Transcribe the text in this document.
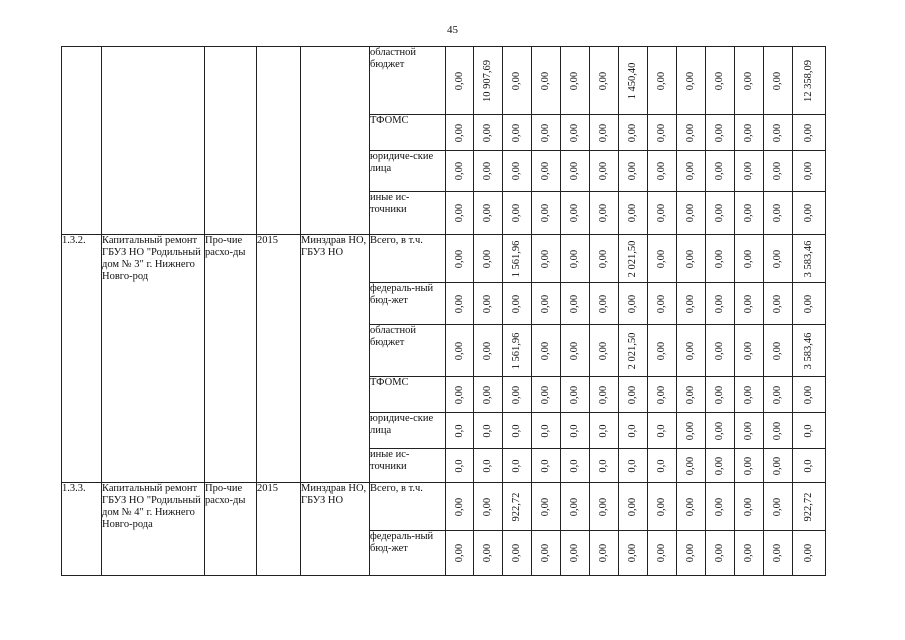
45
					областной бюджет	0,00	10 907,69	0,00	0,00	0,00	0,00	1 450,40	0,00	0,00	0,00	0,00	0,00	12 358,09

					ТФОМС	0,00	0,00	0,00	0,00	0,00	0,00	0,00	0,00	0,00	0,00	0,00	0,00	0,00

					юридиче-ские лица	0,00	0,00	0,00	0,00	0,00	0,00	0,00	0,00	0,00	0,00	0,00	0,00	0,00

					иные ис-точники	0,00	0,00	0,00	0,00	0,00	0,00	0,00	0,00	0,00	0,00	0,00	0,00	0,00

1.3.2.	Капитальный ремонт ГБУЗ НО "Родильный дом № 3" г. Нижнего Новго-род	Про-чие расхо-ды	2015	Минздрав НО, ГБУЗ НО	Всего, в т.ч.	0,00	0,00	1 561,96	0,00	0,00	0,00	2 021,50	0,00	0,00	0,00	0,00	0,00	3 583,46

					федераль-ный бюд-жет	0,00	0,00	0,00	0,00	0,00	0,00	0,00	0,00	0,00	0,00	0,00	0,00	0,00

					областной бюджет	0,00	0,00	1 561,96	0,00	0,00	0,00	2 021,50	0,00	0,00	0,00	0,00	0,00	3 583,46

					ТФОМС	0,00	0,00	0,00	0,00	0,00	0,00	0,00	0,00	0,00	0,00	0,00	0,00	0,00

					юридиче-ские лица	0,0	0,0	0,0	0,0	0,0	0,0	0,0	0,0	0,00	0,00	0,00	0,00	0,0

					иные ис-точники	0,0	0,0	0,0	0,0	0,0	0,0	0,0	0,0	0,00	0,00	0,00	0,00	0,0

1.3.3.	Капитальный ремонт ГБУЗ НО "Родильный дом № 4" г. Нижнего Новго-рода	Про-чие расхо-ды	2015	Минздрав НО, ГБУЗ НО	Всего, в т.ч.	0,00	0,00	922,72	0,00	0,00	0,00	0,00	0,00	0,00	0,00	0,00	0,00	922,72

					федераль-ный бюд-жет	0,00	0,00	0,00	0,00	0,00	0,00	0,00	0,00	0,00	0,00	0,00	0,00	0,00
